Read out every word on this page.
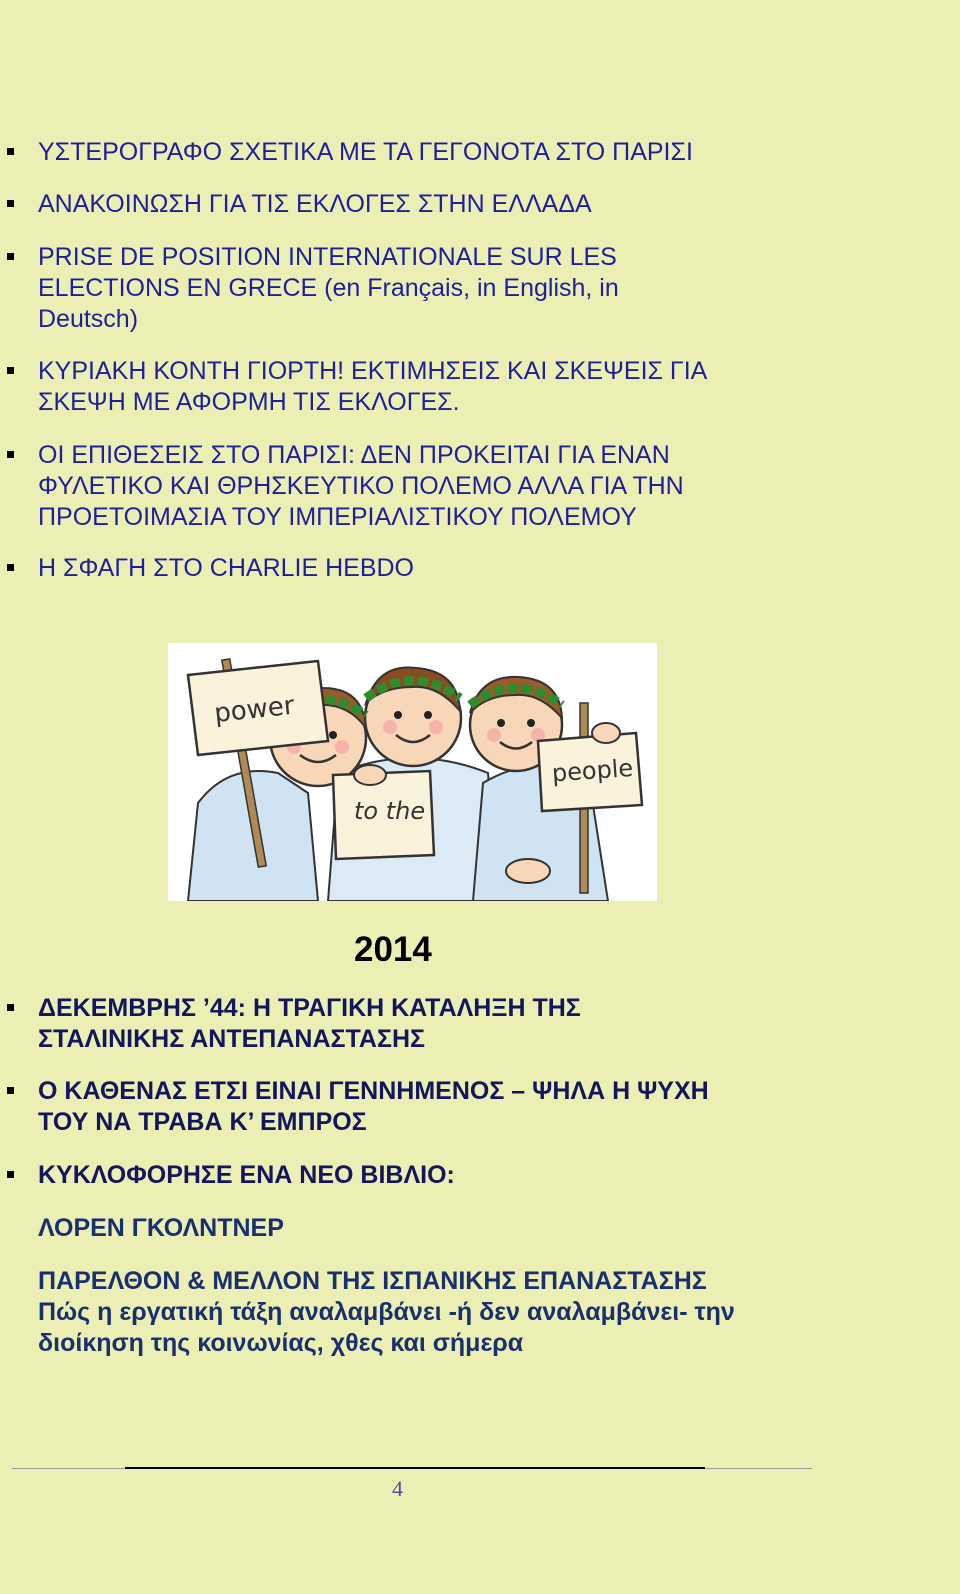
ΥΣΤΕΡΟΓΡΑΦΟ ΣΧΕΤΙΚΑ ΜΕ ΤΑ ΓΕΓΟΝΟΤΑ ΣΤΟ ΠΑΡΙΣΙ
ΑΝΑΚΟΙΝΩΣΗ ΓΙΑ ΤΙΣ ΕΚΛΟΓΕΣ ΣΤΗΝ ΕΛΛΑΔΑ
PRISE DE POSITION INTERNATIONALE SUR LES ELECTIONS EN GRECE (en Français, in English, in Deutsch)
ΚΥΡΙΑΚΗ ΚΟΝΤΗ ΓΙΟΡΤΗ! ΕΚΤΙΜΗΣΕΙΣ ΚΑΙ ΣΚΕΨΕΙΣ ΓΙΑ ΣΚΕΨΗ ΜΕ ΑΦΟΡΜΗ ΤΙΣ ΕΚΛΟΓΕΣ.
ΟΙ ΕΠΙΘΕΣΕΙΣ ΣΤΟ ΠΑΡΙΣΙ: ΔΕΝ ΠΡΟΚΕΙΤΑΙ ΓΙΑ ΕΝΑΝ ΦΥΛΕΤΙΚΟ ΚΑΙ ΘΡΗΣΚΕΥΤΙΚΟ ΠΟΛΕΜΟ ΑΛΛΑ ΓΙΑ ΤΗΝ ΠΡΟΕΤΟΙΜΑΣΙΑ ΤΟΥ ΙΜΠΕΡΙΑΛΙΣΤΙΚΟΥ ΠΟΛΕΜΟΥ
Η ΣΦΑΓΗ ΣΤΟ CHARLIE HEBDO
power
to the
people
2014
ΔΕΚΕΜΒΡΗΣ ’44: Η ΤΡΑΓΙΚΗ ΚΑΤΑΛΗΞΗ ΤΗΣ ΣΤΑΛΙΝΙΚΗΣ ΑΝΤΕΠΑΝΑΣΤΑΣΗΣ
Ο ΚΑΘΕΝΑΣ ΕΤΣΙ ΕΙΝΑΙ ΓΕΝΝΗΜΕΝΟΣ – ΨΗΛΑ Η ΨΥΧΗ ΤΟΥ ΝΑ ΤΡΑΒΑ Κ’ ΕΜΠΡΟΣ
ΚΥΚΛΟΦΟΡΗΣΕ ΕΝΑ ΝΕΟ ΒΙΒΛΙΟ:
ΛΟΡΕΝ ΓΚΟΛΝΤΝΕΡ
ΠΑΡΕΛΘΟΝ & ΜΕΛΛΟΝ ΤΗΣ ΙΣΠΑΝΙΚΗΣ ΕΠΑΝΑΣΤΑΣΗΣ
Πώς η εργατική τάξη αναλαμβάνει -ή δεν αναλαμβάνει- την διοίκηση της κοινωνίας, χθες και σήμερα
4
